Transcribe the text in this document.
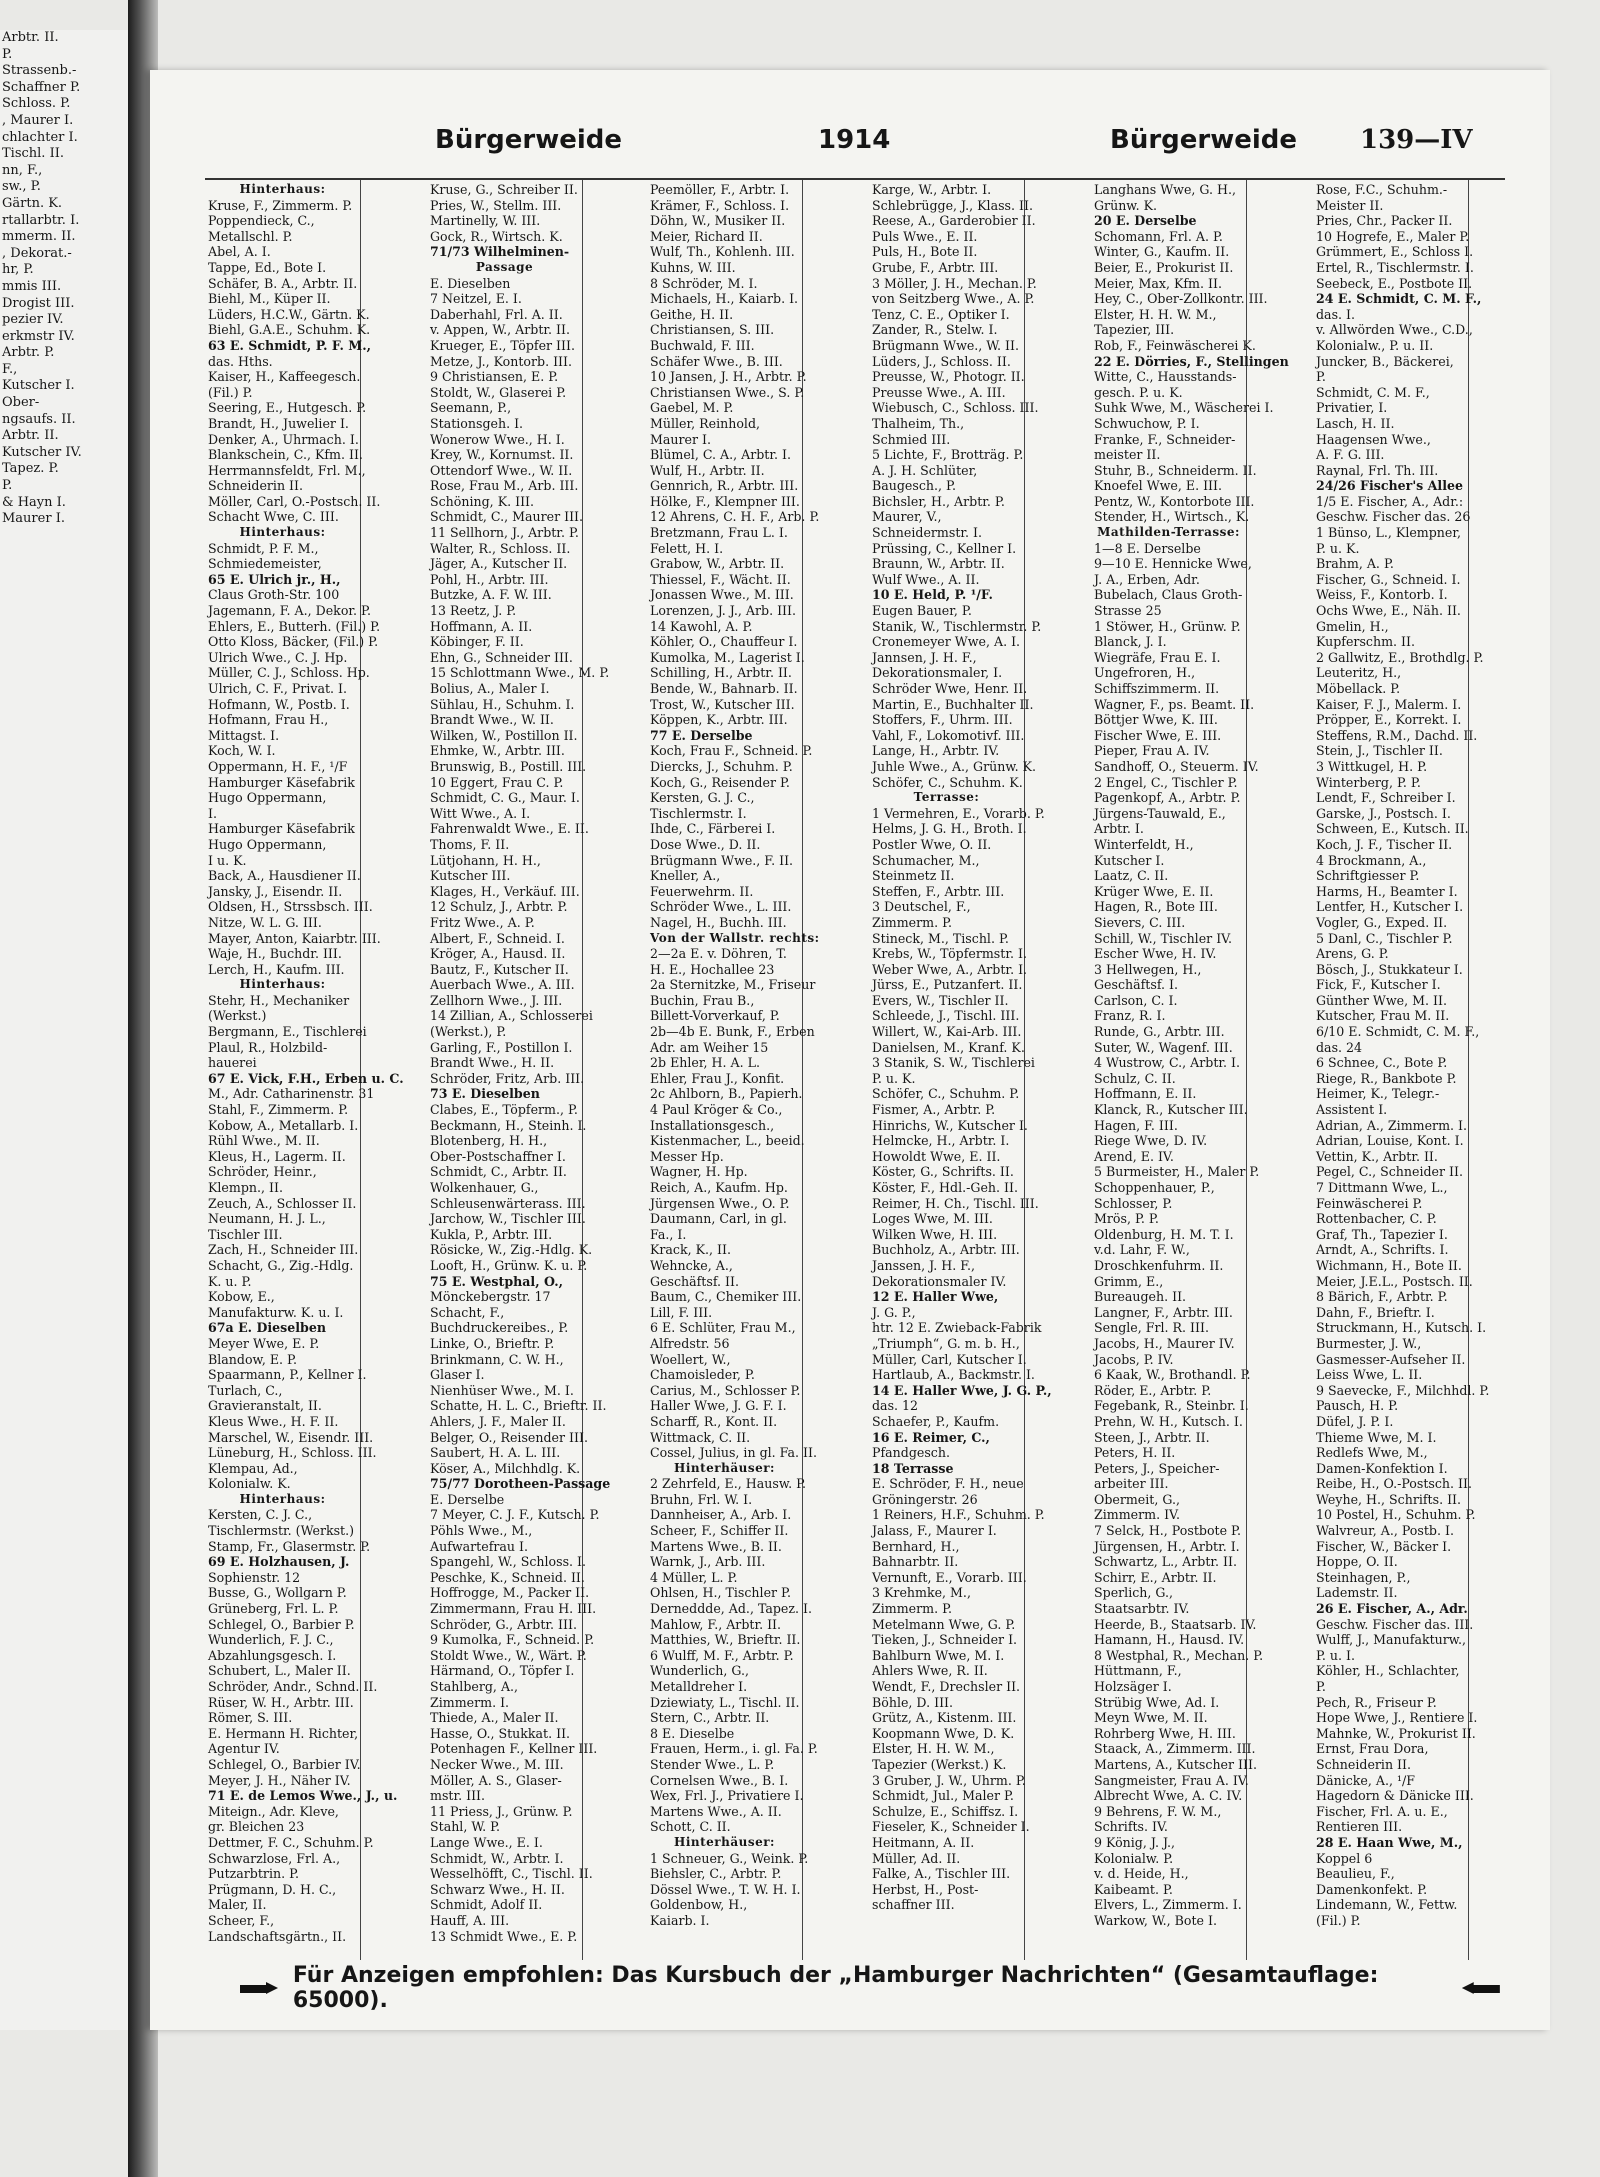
Arbtr. II.
P.
Strassenb.-
Schaffner P.
Schloss. P.
, Maurer I.
chlachter I.
Tischl. II.
nn, F.,
sw., P.
Gärtn. K.
rtallarbtr. I.
mmerm. II.
, Dekorat.-
hr, P.
mmis III.
Drogist III.
pezier IV.
erkmstr IV.
Arbtr. P.
F.,
Kutscher I.
Ober-
ngsaufs. II.
Arbtr. II.
Kutscher IV.
Tapez. P.
P.
& Hayn I.
Maurer I.
Bürgerweide	1914	Bürgerweide 139—IV
Hinterhaus:
Kruse, F., Zimmerm. P.
Poppendieck, C.,
Metallschl. P.
Abel, A. I.
Tappe, Ed., Bote I.
Schäfer, B. A., Arbtr. II.
Biehl, M., Küper II.
Lüders, H.C.W., Gärtn. K.
Biehl, G.A.E., Schuhm. K.
63 E. Schmidt, P. F. M.,
das. Hths.
Kaiser, H., Kaffeegesch.
(Fil.) P.
Seering, E., Hutgesch. P.
Brandt, H., Juwelier I.
Denker, A., Uhrmach. I.
Blankschein, C., Kfm. II.
Herrmannsfeldt, Frl. M.,
Schneiderin II.
Möller, Carl, O.-Postsch. II.
Schacht Wwe, C. III.
Hinterhaus:
Schmidt, P. F. M.,
Schmiedemeister,
65 E. Ulrich jr., H.,
Claus Groth-Str. 100
Jagemann, F. A., Dekor. P.
Ehlers, E., Butterh. (Fil.) P.
Otto Kloss, Bäcker, (Fil.) P.
Ulrich Wwe., C. J. Hp.
Müller, C. J., Schloss. Hp.
Ulrich, C. F., Privat. I.
Hofmann, W., Postb. I.
Hofmann, Frau H.,
Mittagst. I.
Koch, W. I.
Oppermann, H. F., ¹/F
Hamburger Käsefabrik
Hugo Oppermann,
I.
Hamburger Käsefabrik
Hugo Oppermann,
I u. K.
Back, A., Hausdiener II.
Jansky, J., Eisendr. II.
Oldsen, H., Strssbsch. III.
Nitze, W. L. G. III.
Mayer, Anton, Kaiarbtr. III.
Waje, H., Buchdr. III.
Lerch, H., Kaufm. III.
Hinterhaus:
Stehr, H., Mechaniker
(Werkst.)
Bergmann, E., Tischlerei
Plaul, R., Holzbild-
hauerei
67 E. Vick, F.H., Erben u. C.
M., Adr. Catharinenstr. 31
Stahl, F., Zimmerm. P.
Kobow, A., Metallarb. I.
Rühl Wwe., M. II.
Kleus, H., Lagerm. II.
Schröder, Heinr.,
Klempn., II.
Zeuch, A., Schlosser II.
Neumann, H. J. L.,
Tischler III.
Zach, H., Schneider III.
Schacht, G., Zig.-Hdlg.
K. u. P.
Kobow, E.,
Manufakturw. K. u. I.
67a E. Dieselben
Meyer Wwe, E. P.
Blandow, E. P.
Spaarmann, P., Kellner I.
Turlach, C.,
Gravieranstalt, II.
Kleus Wwe., H. F. II.
Marschel, W., Eisendr. III.
Lüneburg, H., Schloss. III.
Klempau, Ad.,
Kolonialw. K.
Hinterhaus:
Kersten, C. J. C.,
Tischlermstr. (Werkst.)
Stamp, Fr., Glasermstr. P.
69 E. Holzhausen, J.
Sophienstr. 12
Busse, G., Wollgarn P.
Grüneberg, Frl. L. P.
Schlegel, O., Barbier P.
Wunderlich, F. J. C.,
Abzahlungsgesch. I.
Schubert, L., Maler II.
Schröder, Andr., Schnd. II.
Rüser, W. H., Arbtr. III.
Römer, S. III.
E. Hermann H. Richter,
Agentur IV.
Schlegel, O., Barbier IV.
Meyer, J. H., Näher IV.
71 E. de Lemos Wwe., J., u.
Miteign., Adr. Kleve,
gr. Bleichen 23
Dettmer, F. C., Schuhm. P.
Schwarzlose, Frl. A.,
Putzarbtrin. P.
Prügmann, D. H. C.,
Maler, II.
Scheer, F.,
Landschaftsgärtn., II.
Kruse, G., Schreiber II.
Pries, W., Stellm. III.
Martinelly, W. III.
Gock, R., Wirtsch. K.
71/73 Wilhelminen-
Passage
E. Dieselben
7 Neitzel, E. I.
Daberhahl, Frl. A. II.
v. Appen, W., Arbtr. II.
Krueger, E., Töpfer III.
Metze, J., Kontorb. III.
9 Christiansen, E. P.
Stoldt, W., Glaserei P.
Seemann, P.,
Stationsgeh. I.
Wonerow Wwe., H. I.
Krey, W., Kornumst. II.
Ottendorf Wwe., W. II.
Rose, Frau M., Arb. III.
Schöning, K. III.
Schmidt, C., Maurer III.
11 Sellhorn, J., Arbtr. P.
Walter, R., Schloss. II.
Jäger, A., Kutscher II.
Pohl, H., Arbtr. III.
Butzke, A. F. W. III.
13 Reetz, J. P.
Hoffmann, A. II.
Köbinger, F. II.
Ehn, G., Schneider III.
15 Schlottmann Wwe., M. P.
Bolius, A., Maler I.
Sühlau, H., Schuhm. I.
Brandt Wwe., W. II.
Wilken, W., Postillon II.
Ehmke, W., Arbtr. III.
Brunswig, B., Postill. III.
10 Eggert, Frau C. P.
Schmidt, C. G., Maur. I.
Witt Wwe., A. I.
Fahrenwaldt Wwe., E. II.
Thoms, F. II.
Lütjohann, H. H.,
Kutscher III.
Klages, H., Verkäuf. III.
12 Schulz, J., Arbtr. P.
Fritz Wwe., A. P.
Albert, F., Schneid. I.
Kröger, A., Hausd. II.
Bautz, F., Kutscher II.
Auerbach Wwe., A. III.
Zellhorn Wwe., J. III.
14 Zillian, A., Schlosserei
(Werkst.), P.
Garling, F., Postillon I.
Brandt Wwe., H. II.
Schröder, Fritz, Arb. III.
73 E. Dieselben
Clabes, E., Töpferm., P.
Beckmann, H., Steinh. I.
Blotenberg, H. H.,
Ober-Postschaffner I.
Schmidt, C., Arbtr. II.
Wolkenhauer, G.,
Schleusenwärterass. III.
Jarchow, W., Tischler III.
Kukla, P., Arbtr. III.
Rösicke, W., Zig.-Hdlg. K.
Looft, H., Grünw. K. u. P.
75 E. Westphal, O.,
Mönckebergstr. 17
Schacht, F.,
Buchdruckereibes., P.
Linke, O., Brieftr. P.
Brinkmann, C. W. H.,
Glaser I.
Nienhüser Wwe., M. I.
Schatte, H. L. C., Brieftr. II.
Ahlers, J. F., Maler II.
Belger, O., Reisender III.
Saubert, H. A. L. III.
Köser, A., Milchhdlg. K.
75/77 Dorotheen-Passage
E. Derselbe
7 Meyer, C. J. F., Kutsch. P.
Pöhls Wwe., M.,
Aufwartefrau I.
Spangehl, W., Schloss. I.
Peschke, K., Schneid. II.
Hoffrogge, M., Packer II.
Zimmermann, Frau H. III.
Schröder, G., Arbtr. III.
9 Kumolka, F., Schneid. P.
Stoldt Wwe., W., Wärt. P.
Härmand, O., Töpfer I.
Stahlberg, A.,
Zimmerm. I.
Thiede, A., Maler II.
Hasse, O., Stukkat. II.
Potenhagen F., Kellner III.
Necker Wwe., M. III.
Möller, A. S., Glaser-
mstr. III.
11 Priess, J., Grünw. P.
Stahl, W. P.
Lange Wwe., E. I.
Schmidt, W., Arbtr. I.
Wesselhöfft, C., Tischl. II.
Schwarz Wwe., H. II.
Schmidt, Adolf II.
Hauff, A. III.
13 Schmidt Wwe., E. P.
Peemöller, F., Arbtr. I.
Krämer, F., Schloss. I.
Döhn, W., Musiker II.
Meier, Richard II.
Wulf, Th., Kohlenh. III.
Kuhns, W. III.
8 Schröder, M. I.
Michaels, H., Kaiarb. I.
Geithe, H. II.
Christiansen, S. III.
Buchwald, F. III.
Schäfer Wwe., B. III.
10 Jansen, J. H., Arbtr. P.
Christiansen Wwe., S. P.
Gaebel, M. P.
Müller, Reinhold,
Maurer I.
Blümel, C. A., Arbtr. I.
Wulf, H., Arbtr. II.
Gennrich, R., Arbtr. III.
Hölke, F., Klempner III.
12 Ahrens, C. H. F., Arb. P.
Bretzmann, Frau L. I.
Felett, H. I.
Grabow, W., Arbtr. II.
Thiessel, F., Wächt. II.
Jonassen Wwe., M. III.
Lorenzen, J. J., Arb. III.
14 Kawohl, A. P.
Köhler, O., Chauffeur I.
Kumolka, M., Lagerist I.
Schilling, H., Arbtr. II.
Bende, W., Bahnarb. II.
Trost, W., Kutscher III.
Köppen, K., Arbtr. III.
77 E. Derselbe
Koch, Frau F., Schneid. P.
Diercks, J., Schuhm. P.
Koch, G., Reisender P.
Kersten, G. J. C.,
Tischlermstr. I.
Ihde, C., Färberei I.
Dose Wwe., D. II.
Brügmann Wwe., F. II.
Kneller, A.,
Feuerwehrm. II.
Schröder Wwe., L. III.
Nagel, H., Buchh. III.
Von der Wallstr. rechts:
2—2a E. v. Döhren, T.
H. E., Hochallee 23
2a Sternitzke, M., Friseur
Buchin, Frau B.,
Billett-Vorverkauf, P.
2b—4b E. Bunk, F., Erben
Adr. am Weiher 15
2b Ehler, H. A. L.
Ehler, Frau J., Konfit.
2c Ahlborn, B., Papierh.
4 Paul Kröger & Co.,
Installationsgesch.,
Kistenmacher, L., beeid.
Messer Hp.
Wagner, H. Hp.
Reich, A., Kaufm. Hp.
Jürgensen Wwe., O. P.
Daumann, Carl, in gl.
Fa., I.
Krack, K., II.
Wehncke, A.,
Geschäftsf. II.
Baum, C., Chemiker III.
Lill, F. III.
6 E. Schlüter, Frau M.,
Alfredstr. 56
Woellert, W.,
Chamoisleder, P.
Carius, M., Schlosser P.
Haller Wwe, J. G. F. I.
Scharff, R., Kont. II.
Wittmack, C. II.
Cossel, Julius, in gl. Fa. II.
Hinterhäuser:
2 Zehrfeld, E., Hausw. P.
Bruhn, Frl. W. I.
Dannheiser, A., Arb. I.
Scheer, F., Schiffer II.
Martens Wwe., B. II.
Warnk, J., Arb. III.
4 Müller, L. P.
Ohlsen, H., Tischler P.
Derneddde, Ad., Tapez. I.
Mahlow, F., Arbtr. II.
Matthies, W., Brieftr. II.
6 Wulff, M. F., Arbtr. P.
Wunderlich, G.,
Metalldreher I.
Dziewiaty, L., Tischl. II.
Stern, C., Arbtr. II.
8 E. Dieselbe
Frauen, Herm., i. gl. Fa. P.
Stender Wwe., L. P.
Cornelsen Wwe., B. I.
Wex, Frl. J., Privatiere I.
Martens Wwe., A. II.
Schott, C. II.
Hinterhäuser:
1 Schneuer, G., Weink. P.
Biehsler, C., Arbtr. P.
Dössel Wwe., T. W. H. I.
Goldenbow, H.,
Kaiarb. I.
Karge, W., Arbtr. I.
Schlebrügge, J., Klass. II.
Reese, A., Garderobier II.
Puls Wwe., E. II.
Puls, H., Bote II.
Grube, F., Arbtr. III.
3 Möller, J. H., Mechan. P.
von Seitzberg Wwe., A. P.
Tenz, C. E., Optiker I.
Zander, R., Stelw. I.
Brügmann Wwe., W. II.
Lüders, J., Schloss. II.
Preusse, W., Photogr. II.
Preusse Wwe., A. III.
Wiebusch, C., Schloss. III.
Thalheim, Th.,
Schmied III.
5 Lichte, F., Brotträg. P.
A. J. H. Schlüter,
Baugesch., P.
Bichsler, H., Arbtr. P.
Maurer, V.,
Schneidermstr. I.
Prüssing, C., Kellner I.
Braunn, W., Arbtr. II.
Wulf Wwe., A. II.
10 E. Held, P. ¹/F.
Eugen Bauer, P.
Stanik, W., Tischlermstr. P.
Cronemeyer Wwe, A. I.
Jannsen, J. H. F.,
Dekorationsmaler, I.
Schröder Wwe, Henr. II.
Martin, E., Buchhalter II.
Stoffers, F., Uhrm. III.
Vahl, F., Lokomotivf. III.
Lange, H., Arbtr. IV.
Juhle Wwe., A., Grünw. K.
Schöfer, C., Schuhm. K.
Terrasse:
1 Vermehren, E., Vorarb. P.
Helms, J. G. H., Broth. I.
Postler Wwe, O. II.
Schumacher, M.,
Steinmetz II.
Steffen, F., Arbtr. III.
3 Deutschel, F.,
Zimmerm. P.
Stineck, M., Tischl. P.
Krebs, W., Töpfermstr. I.
Weber Wwe, A., Arbtr. I.
Jürss, E., Putzanfert. II.
Evers, W., Tischler II.
Schleede, J., Tischl. III.
Willert, W., Kai-Arb. III.
Danielsen, M., Kranf. K.
3 Stanik, S. W., Tischlerei
P. u. K.
Schöfer, C., Schuhm. P.
Fismer, A., Arbtr. P.
Hinrichs, W., Kutscher I.
Helmcke, H., Arbtr. I.
Howoldt Wwe, E. II.
Köster, G., Schrifts. II.
Köster, F., Hdl.-Geh. II.
Reimer, H. Ch., Tischl. III.
Loges Wwe, M. III.
Wilken Wwe, H. III.
Buchholz, A., Arbtr. III.
Janssen, J. H. F.,
Dekorationsmaler IV.
12 E. Haller Wwe,
J. G. P.,
htr. 12 E. Zwieback-Fabrik
„Triumph“, G. m. b. H.,
Müller, Carl, Kutscher I.
Hartlaub, A., Backmstr. I.
14 E. Haller Wwe, J. G. P.,
das. 12
Schaefer, P., Kaufm.
16 E. Reimer, C.,
Pfandgesch.
18 Terrasse
E. Schröder, F. H., neue
Gröningerstr. 26
1 Reiners, H.F., Schuhm. P.
Jalass, F., Maurer I.
Bernhard, H.,
Bahnarbtr. II.
Vernunft, E., Vorarb. III.
3 Krehmke, M.,
Zimmerm. P.
Metelmann Wwe, G. P.
Tieken, J., Schneider I.
Bahlburn Wwe, M. I.
Ahlers Wwe, R. II.
Wendt, F., Drechsler II.
Böhle, D. III.
Grütz, A., Kistenm. III.
Koopmann Wwe, D. K.
Elster, H. H. W. M.,
Tapezier (Werkst.) K.
3 Gruber, J. W., Uhrm. P.
Schmidt, Jul., Maler P.
Schulze, E., Schiffsz. I.
Fieseler, K., Schneider I.
Heitmann, A. II.
Müller, Ad. II.
Falke, A., Tischler III.
Herbst, H., Post-
schaffner III.
Langhans Wwe, G. H.,
Grünw. K.
20 E. Derselbe
Schomann, Frl. A. P.
Winter, G., Kaufm. II.
Beier, E., Prokurist II.
Meier, Max, Kfm. II.
Hey, C., Ober-Zollkontr. III.
Elster, H. H. W. M.,
Tapezier, III.
Rob, F., Feinwäscherei K.
22 E. Dörries, F., Stellingen
Witte, C., Hausstands-
gesch. P. u. K.
Suhk Wwe, M., Wäscherei I.
Schwuchow, P. I.
Franke, F., Schneider-
meister II.
Stuhr, B., Schneiderm. II.
Knoefel Wwe, E. III.
Pentz, W., Kontorbote III.
Stender, H., Wirtsch., K.
Mathilden-Terrasse:
1—8 E. Derselbe
9—10 E. Hennicke Wwe,
J. A., Erben, Adr.
Bubelach, Claus Groth-
Strasse 25
1 Stöwer, H., Grünw. P.
Blanck, J. I.
Wiegräfe, Frau E. I.
Ungefroren, H.,
Schiffszimmerm. II.
Wagner, F., ps. Beamt. II.
Böttjer Wwe, K. III.
Fischer Wwe, E. III.
Pieper, Frau A. IV.
Sandhoff, O., Steuerm. IV.
2 Engel, C., Tischler P.
Pagenkopf, A., Arbtr. P.
Jürgens-Tauwald, E.,
Arbtr. I.
Winterfeldt, H.,
Kutscher I.
Laatz, C. II.
Krüger Wwe, E. II.
Hagen, R., Bote III.
Sievers, C. III.
Schill, W., Tischler IV.
Escher Wwe, H. IV.
3 Hellwegen, H.,
Geschäftsf. I.
Carlson, C. I.
Franz, R. I.
Runde, G., Arbtr. III.
Suter, W., Wagenf. III.
4 Wustrow, C., Arbtr. I.
Schulz, C. II.
Hoffmann, E. II.
Klanck, R., Kutscher III.
Hagen, F. III.
Riege Wwe, D. IV.
Arend, E. IV.
5 Burmeister, H., Maler P.
Schoppenhauer, P.,
Schlosser, P.
Mrös, P. P.
Oldenburg, H. M. T. I.
v.d. Lahr, F. W.,
Droschkenfuhrm. II.
Grimm, E.,
Bureaugeh. II.
Langner, F., Arbtr. III.
Sengle, Frl. R. III.
Jacobs, H., Maurer IV.
Jacobs, P. IV.
6 Kaak, W., Brothandl. P.
Röder, E., Arbtr. P.
Fegebank, R., Steinbr. I.
Prehn, W. H., Kutsch. I.
Steen, J., Arbtr. II.
Peters, H. II.
Peters, J., Speicher-
arbeiter III.
Obermeit, G.,
Zimmerm. IV.
7 Selck, H., Postbote P.
Jürgensen, H., Arbtr. I.
Schwartz, L., Arbtr. II.
Schirr, E., Arbtr. II.
Sperlich, G.,
Staatsarbtr. IV.
Heerde, B., Staatsarb. IV.
Hamann, H., Hausd. IV.
8 Westphal, R., Mechan. P.
Hüttmann, F.,
Holzsäger I.
Strübig Wwe, Ad. I.
Meyn Wwe, M. II.
Rohrberg Wwe, H. III.
Staack, A., Zimmerm. III.
Martens, A., Kutscher III.
Sangmeister, Frau A. IV.
Albrecht Wwe, A. C. IV.
9 Behrens, F. W. M.,
Schrifts. IV.
9 König, J. J.,
Kolonialw. P.
v. d. Heide, H.,
Kaibeamt. P.
Elvers, L., Zimmerm. I.
Warkow, W., Bote I.
Rose, F.C., Schuhm.-
Meister II.
Pries, Chr., Packer II.
10 Hogrefe, E., Maler P.
Grümmert, E., Schloss I.
Ertel, R., Tischlermstr. I.
Seebeck, E., Postbote II.
24 E. Schmidt, C. M. F.,
das. I.
v. Allwörden Wwe., C.D.,
Kolonialw., P. u. II.
Juncker, B., Bäckerei,
P.
Schmidt, C. M. F.,
Privatier, I.
Lasch, H. II.
Haagensen Wwe.,
A. F. G. III.
Raynal, Frl. Th. III.
24/26 Fischer's Allee
1/5 E. Fischer, A., Adr.:
Geschw. Fischer das. 26
1 Bünso, L., Klempner,
P. u. K.
Brahm, A. P.
Fischer, G., Schneid. I.
Weiss, F., Kontorb. I.
Ochs Wwe, E., Näh. II.
Gmelin, H.,
Kupferschm. II.
2 Gallwitz, E., Brothdlg. P.
Leuteritz, H.,
Möbellack. P.
Kaiser, F. J., Malerm. I.
Pröpper, E., Korrekt. I.
Steffens, R.M., Dachd. II.
Stein, J., Tischler II.
3 Wittkugel, H. P.
Winterberg, P. P.
Lendt, F., Schreiber I.
Garske, J., Postsch. I.
Schween, E., Kutsch. II.
Koch, J. F., Tischer II.
4 Brockmann, A.,
Schriftgiesser P.
Harms, H., Beamter I.
Lentfer, H., Kutscher I.
Vogler, G., Exped. II.
5 Danl, C., Tischler P.
Arens, G. P.
Bösch, J., Stukkateur I.
Fick, F., Kutscher I.
Günther Wwe, M. II.
Kutscher, Frau M. II.
6/10 E. Schmidt, C. M. F.,
das. 24
6 Schnee, C., Bote P.
Riege, R., Bankbote P.
Heimer, K., Telegr.-
Assistent I.
Adrian, A., Zimmerm. I.
Adrian, Louise, Kont. I.
Vettin, K., Arbtr. II.
Pegel, C., Schneider II.
7 Dittmann Wwe, L.,
Feinwäscherei P.
Rottenbacher, C. P.
Graf, Th., Tapezier I.
Arndt, A., Schrifts. I.
Wichmann, H., Bote II.
Meier, J.E.L., Postsch. II.
8 Bärich, F., Arbtr. P.
Dahn, F., Brieftr. I.
Struckmann, H., Kutsch. I.
Burmester, J. W.,
Gasmesser-Aufseher II.
Leiss Wwe, L. II.
9 Saevecke, F., Milchhdl. P.
Pausch, H. P.
Düfel, J. P. I.
Thieme Wwe, M. I.
Redlefs Wwe, M.,
Damen-Konfektion I.
Reibe, H., O.-Postsch. II.
Weyhe, H., Schrifts. II.
10 Postel, H., Schuhm. P.
Walvreur, A., Postb. I.
Fischer, W., Bäcker I.
Hoppe, O. II.
Steinhagen, P.,
Lademstr. II.
26 E. Fischer, A., Adr.
Geschw. Fischer das. III.
Wulff, J., Manufakturw.,
P. u. I.
Köhler, H., Schlachter,
P.
Pech, R., Friseur P.
Hope Wwe, J., Rentiere I.
Mahnke, W., Prokurist II.
Ernst, Frau Dora,
Schneiderin II.
Dänicke, A., ¹/F
Hagedorn & Dänicke III.
Fischer, Frl. A. u. E.,
Rentieren III.
28 E. Haan Wwe, M.,
Koppel 6
Beaulieu, F.,
Damenkonfekt. P.
Lindemann, W., Fettw.
(Fil.) P.
Für Anzeigen empfohlen: Das Kursbuch der „Hamburger Nachrichten“ (Gesamtauflage: 65000).
